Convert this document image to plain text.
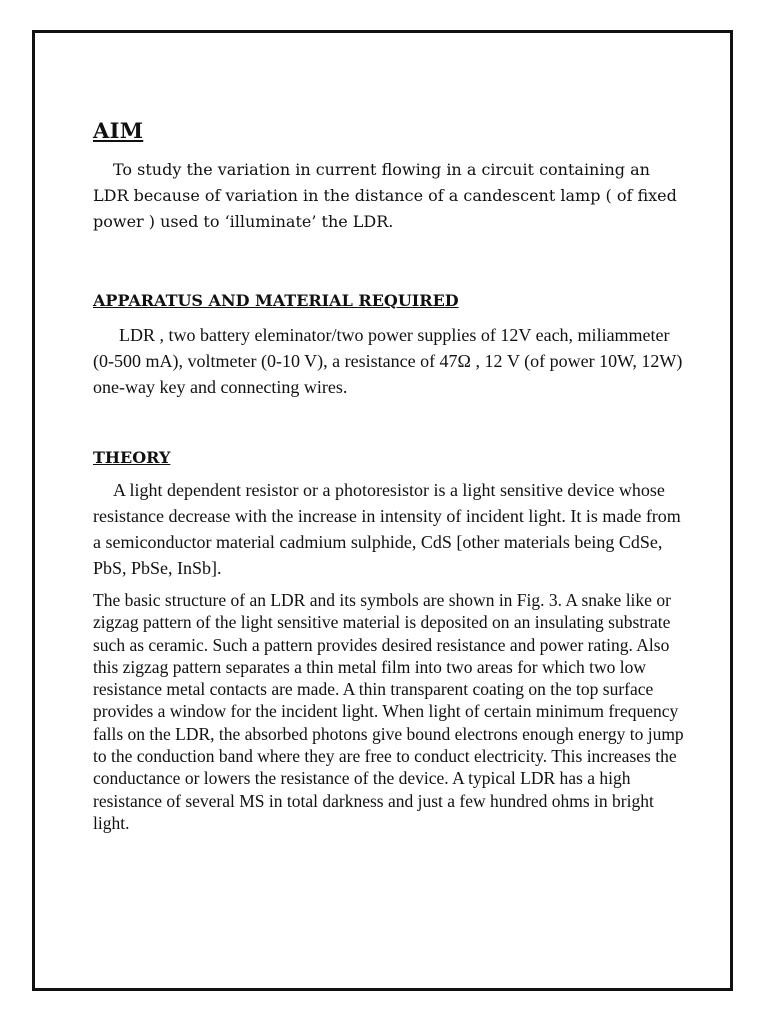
AIM

To study the variation in current flowing in a circuit containing an LDR because of variation in the distance of a candescent lamp ( of fixed power ) used to ‘illuminate’ the LDR.

APPARATUS AND MATERIAL REQUIRED

LDR , two battery eleminator/two power supplies of 12V each, miliammeter (0-500 mA), voltmeter (0-10 V), a resistance of 47Ω , 12 V (of power 10W, 12W) one-way key and connecting wires.

THEORY

A light dependent resistor or a photoresistor is a light sensitive device whose resistance decrease with the increase in intensity of incident light. It is made from a semiconductor material cadmium sulphide, CdS [other materials being CdSe, PbS, PbSe, InSb].

The basic structure of an LDR and its symbols are shown in Fig. 3. A snake like or zigzag pattern of the light sensitive material is deposited on an insulating substrate such as ceramic. Such a pattern provides desired resistance and power rating. Also this zigzag pattern separates a thin metal film into two areas for which two low resistance metal contacts are made. A thin transparent coating on the top surface provides a window for the incident light. When light of certain minimum frequency falls on the LDR, the absorbed photons give bound electrons enough energy to jump to the conduction band where they are free to conduct electricity. This increases the conductance or lowers the resistance of the device. A typical LDR has a high resistance of several MS in total darkness and just a few hundred ohms in bright light.
